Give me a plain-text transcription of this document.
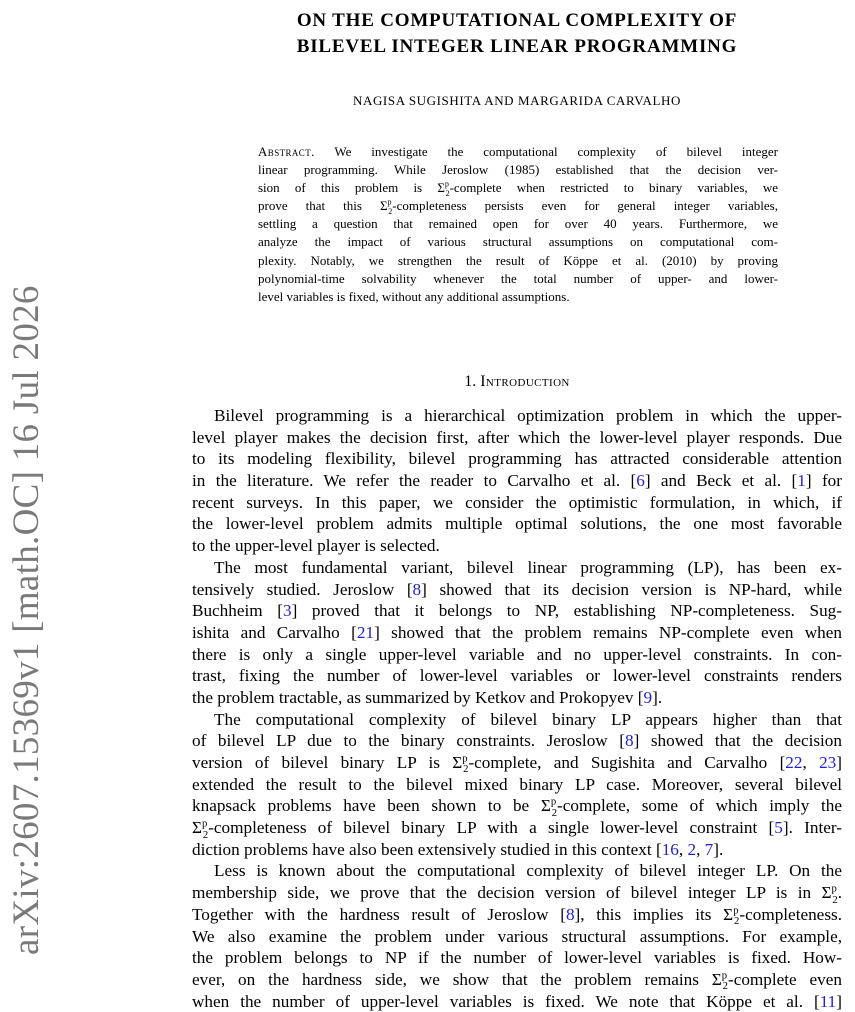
arXiv:2607.15369v1 [math.OC] 16 Jul 2026
ON THE COMPUTATIONAL COMPLEXITY OF
BILEVEL INTEGER LINEAR PROGRAMMING
NAGISA SUGISHITA AND MARGARIDA CARVALHO
Abstract. We investigate the computational complexity of bilevel integer
linear programming. While Jeroslow (1985) established that the decision ver-
sion of this problem is $\Sigma^p_2$-complete when restricted to binary variables, we
prove that this $\Sigma^p_2$-completeness persists even for general integer variables,
settling a question that remained open for over 40 years. Furthermore, we
analyze the impact of various structural assumptions on computational com-
plexity. Notably, we strengthen the result of Köppe et al. (2010) by proving
polynomial-time solvability whenever the total number of upper- and lower-
level variables is fixed, without any additional assumptions.
1. Introduction
Bilevel programming is a hierarchical optimization problem in which the upper-
level player makes the decision first, after which the lower-level player responds. Due
to its modeling flexibility, bilevel programming has attracted considerable attention
in the literature. We refer the reader to Carvalho et al. [6] and Beck et al. [1] for
recent surveys. In this paper, we consider the optimistic formulation, in which, if
the lower-level problem admits multiple optimal solutions, the one most favorable
to the upper-level player is selected.
The most fundamental variant, bilevel linear programming (LP), has been ex-
tensively studied. Jeroslow [8] showed that its decision version is NP-hard, while
Buchheim [3] proved that it belongs to NP, establishing NP-completeness. Sug-
ishita and Carvalho [21] showed that the problem remains NP-complete even when
there is only a single upper-level variable and no upper-level constraints. In con-
trast, fixing the number of lower-level variables or lower-level constraints renders
the problem tractable, as summarized by Ketkov and Prokopyev [9].
The computational complexity of bilevel binary LP appears higher than that
of bilevel LP due to the binary constraints. Jeroslow [8] showed that the decision
version of bilevel binary LP is $\Sigma^p_2$-complete, and Sugishita and Carvalho [22, 23]
extended the result to the bilevel mixed binary LP case. Moreover, several bilevel
knapsack problems have been shown to be $\Sigma^p_2$-complete, some of which imply the
$\Sigma^p_2$-completeness of bilevel binary LP with a single lower-level constraint [5]. Inter-
diction problems have also been extensively studied in this context [16, 2, 7].
Less is known about the computational complexity of bilevel integer LP. On the
membership side, we prove that the decision version of bilevel integer LP is in $\Sigma^p_2$.
Together with the hardness result of Jeroslow [8], this implies its $\Sigma^p_2$-completeness.
We also examine the problem under various structural assumptions. For example,
the problem belongs to NP if the number of lower-level variables is fixed. How-
ever, on the hardness side, we show that the problem remains $\Sigma^p_2$-complete even
when the number of upper-level variables is fixed. We note that Köppe et al. [11]
